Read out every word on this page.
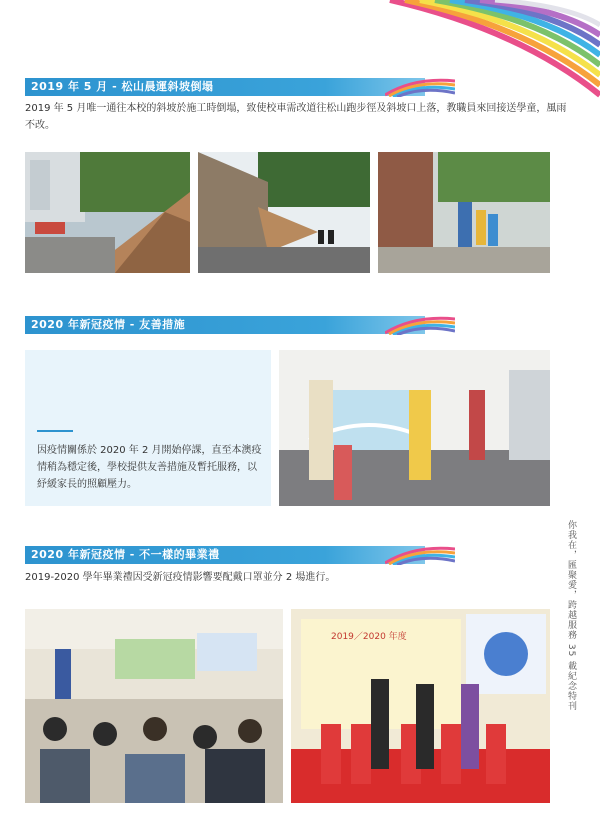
2019 年 5 月 - 松山晨運斜坡倒塌
2019 年 5 月唯一通往本校的斜坡於施工時倒塌，致使校車需改道往松山跑步徑及斜坡口上落，教職員來回接送學童，風雨不改。
2020 年新冠疫情 - 友善措施
因疫情關係於 2020 年 2 月開始停課，直至本澳疫情稍為穩定後，學校提供友善措施及暫托服務，以紓緩家長的照顧壓力。
2020 年新冠疫情 - 不一樣的畢業禮
2019-2020 學年畢業禮因受新冠疫情影響要配戴口罩並分 2 場進行。
2019／2020 年度	你我在，匯聚愛，跨越服務 35 載紀念特刊
